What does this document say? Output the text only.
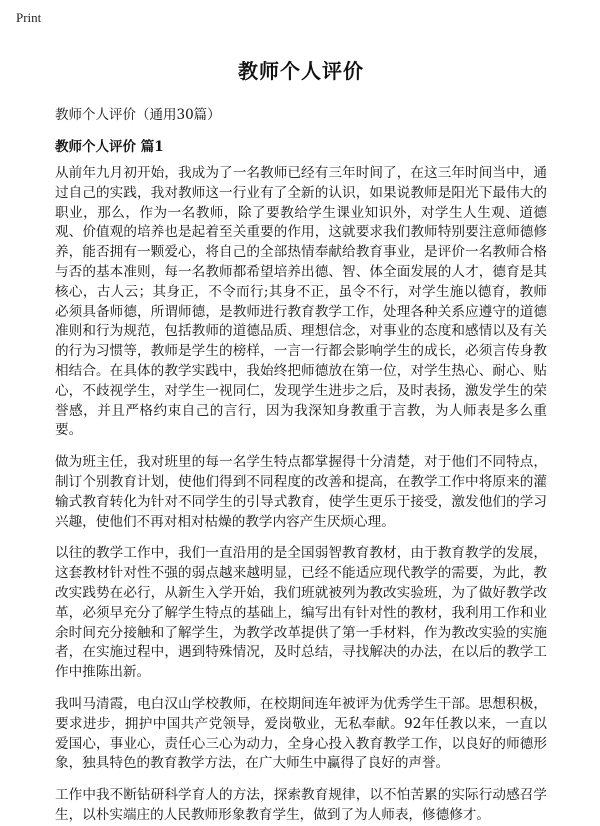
Print
教师个人评价
教师个人评价（通用30篇）
教师个人评价 篇1

从前年九月初开始，我成为了一名教师已经有三年时间了，在这三年时间当中，通过自己的实践，我对教师这一行业有了全新的认识，如果说教师是阳光下最伟大的职业，那么，作为一名教师，除了要教给学生课业知识外，对学生人生观、道德观、价值观的培养也是起着至关重要的作用，这就要求我们教师特别要注意师德修养，能否拥有一颗爱心，将自己的全部热情奉献给教育事业，是评价一名教师合格与否的基本准则，每一名教师都希望培养出德、智、体全面发展的人才，德育是其核心，古人云；其身正，不令而行;其身不正，虽令不行，对学生施以德育，教师必须具备师德，所谓师德，是教师进行教育教学工作，处理各种关系应遵守的道德准则和行为规范，包括教师的道德品质、理想信念，对事业的态度和感情以及有关的行为习惯等，教师是学生的榜样，一言一行都会影响学生的成长，必须言传身教相结合。在具体的教学实践中，我始终把师德放在第一位，对学生热心、耐心、贴心，不歧视学生，对学生一视同仁，发现学生进步之后，及时表扬，激发学生的荣誉感，并且严格约束自己的言行，因为我深知身教重于言教，为人师表是多么重要。

做为班主任，我对班里的每一名学生特点都掌握得十分清楚，对于他们不同特点，制订个别教育计划，使他们得到不同程度的改善和提高，在教学工作中将原来的灌输式教育转化为针对不同学生的引导式教育，使学生更乐于接受，激发他们的学习兴趣，使他们不再对相对枯燥的教学内容产生厌烦心理。

以往的教学工作中，我们一直沿用的是全国弱智教育教材，由于教育教学的发展，这套教材针对性不强的弱点越来越明显，已经不能适应现代教学的需要，为此，教改实践势在必行，从新生入学开始，我们班就被列为教改实验班，为了做好教学改革，必须早充分了解学生特点的基础上，编写出有针对性的教材，我利用工作和业余时间充分接触和了解学生，为教学改革提供了第一手材料，作为教改实验的实施者，在实施过程中，遇到特殊情况，及时总结，寻找解决的办法，在以后的教学工作中推陈出新。

我叫马清霞，电白汉山学校教师，在校期间连年被评为优秀学生干部。思想积极，要求进步，拥护中国共产党领导，爱岗敬业，无私奉献。92年任教以来，一直以爱国心，事业心，责任心三心为动力，全身心投入教育教学工作，以良好的师德形象，独具特色的教育教学方法，在广大师生中赢得了良好的声誉。

工作中我不断钻研科学育人的方法，探索教育规律，以不怕苦累的实际行动感召学生，以朴实端庄的人民教师形象教育学生，做到了为人师表，修德修才。
